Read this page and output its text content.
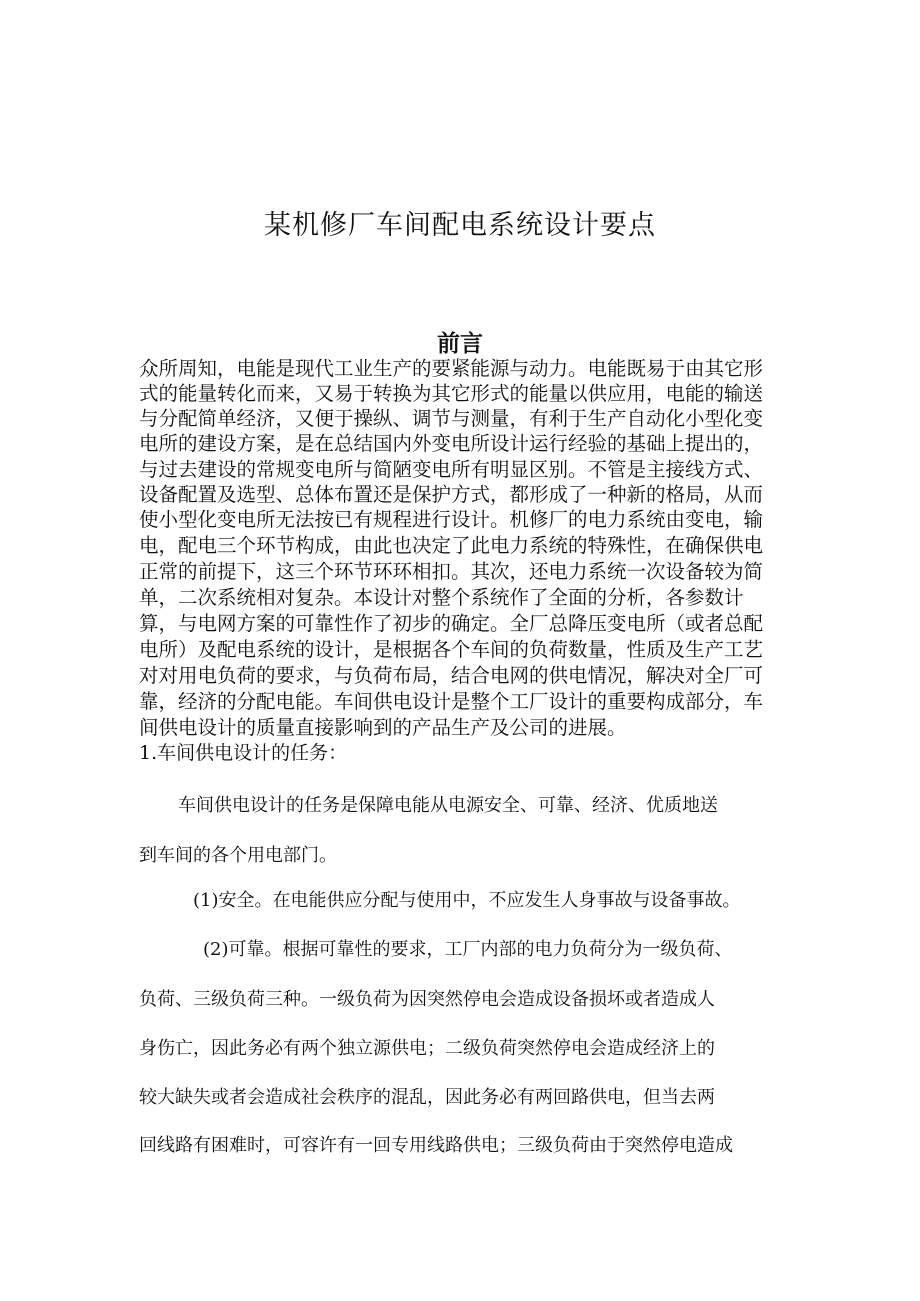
某机修厂车间配电系统设计要点
前言
众所周知，电能是现代工业生产的要紧能源与动力。电能既易于由其它形
式的能量转化而来，又易于转换为其它形式的能量以供应用，电能的输送
与分配简单经济，又便于操纵、调节与测量，有利于生产自动化小型化变
电所的建设方案，是在总结国内外变电所设计运行经验的基础上提出的，
与过去建设的常规变电所与简陋变电所有明显区别。不管是主接线方式、
设备配置及选型、总体布置还是保护方式，都形成了一种新的格局，从而
使小型化变电所无法按已有规程进行设计。机修厂的电力系统由变电，输
电，配电三个环节构成，由此也决定了此电力系统的特殊性，在确保供电
正常的前提下，这三个环节环环相扣。其次，还电力系统一次设备较为简
单，二次系统相对复杂。本设计对整个系统作了全面的分析，各参数计
算，与电网方案的可靠性作了初步的确定。全厂总降压变电所（或者总配
电所）及配电系统的设计，是根据各个车间的负荷数量，性质及生产工艺
对对用电负荷的要求，与负荷布局，结合电网的供电情况，解决对全厂可
靠，经济的分配电能。车间供电设计是整个工厂设计的重要构成部分，车
间供电设计的质量直接影响到的产品生产及公司的进展。
1.车间供电设计的任务：
车间供电设计的任务是保障电能从电源安全、可靠、经济、优质地送
到车间的各个用电部门。
(1)安全。在电能供应分配与使用中，不应发生人身事故与设备事故。
(2)可靠。根据可靠性的要求，工厂内部的电力负荷分为一级负荷、
负荷、三级负荷三种。一级负荷为因突然停电会造成设备损坏或者造成人
身伤亡，因此务必有两个独立源供电；二级负荷突然停电会造成经济上的
较大缺失或者会造成社会秩序的混乱，因此务必有两回路供电，但当去两
回线路有困难时，可容许有一回专用线路供电；三级负荷由于突然停电造成
